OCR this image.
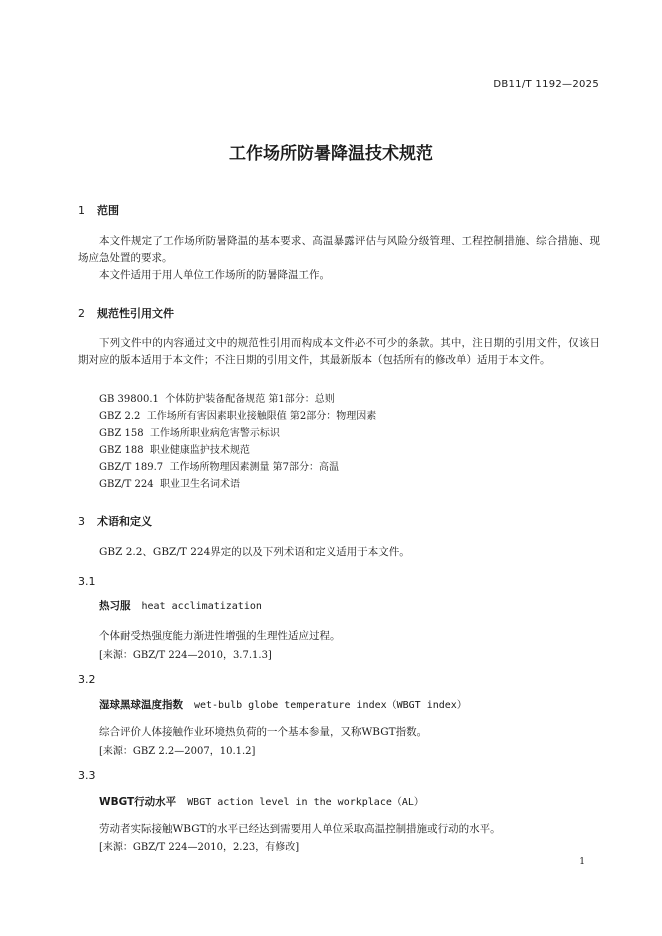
DB11/T 1192—2025
工作场所防暑降温技术规范
1 范围
本文件规定了工作场所防暑降温的基本要求、高温暴露评估与风险分级管理、工程控制措施、综合措施、现场应急处置的要求。
本文件适用于用人单位工作场所的防暑降温工作。
2 规范性引用文件
下列文件中的内容通过文中的规范性引用而构成本文件必不可少的条款。其中，注日期的引用文件，仅该日期对应的版本适用于本文件；不注日期的引用文件，其最新版本（包括所有的修改单）适用于本文件。
GB 39800.1  个体防护装备配备规范 第1部分：总则
GBZ 2.2  工作场所有害因素职业接触限值 第2部分：物理因素
GBZ 158  工作场所职业病危害警示标识
GBZ 188  职业健康监护技术规范
GBZ/T 189.7  工作场所物理因素测量 第7部分：高温
GBZ/T 224  职业卫生名词术语
3 术语和定义
GBZ 2.2、GBZ/T 224界定的以及下列术语和定义适用于本文件。
3.1
热习服 heat acclimatization
个体耐受热强度能力渐进性增强的生理性适应过程。
[来源：GBZ/T 224—2010，3.7.1.3]
3.2
湿球黑球温度指数 wet-bulb globe temperature index（WBGT index）
综合评价人体接触作业环境热负荷的一个基本参量，又称WBGT指数。
[来源：GBZ 2.2—2007，10.1.2]
3.3
WBGT行动水平 WBGT action level in the workplace（AL）
劳动者实际接触WBGT的水平已经达到需要用人单位采取高温控制措施或行动的水平。
[来源：GBZ/T 224—2010，2.23，有修改]
1
